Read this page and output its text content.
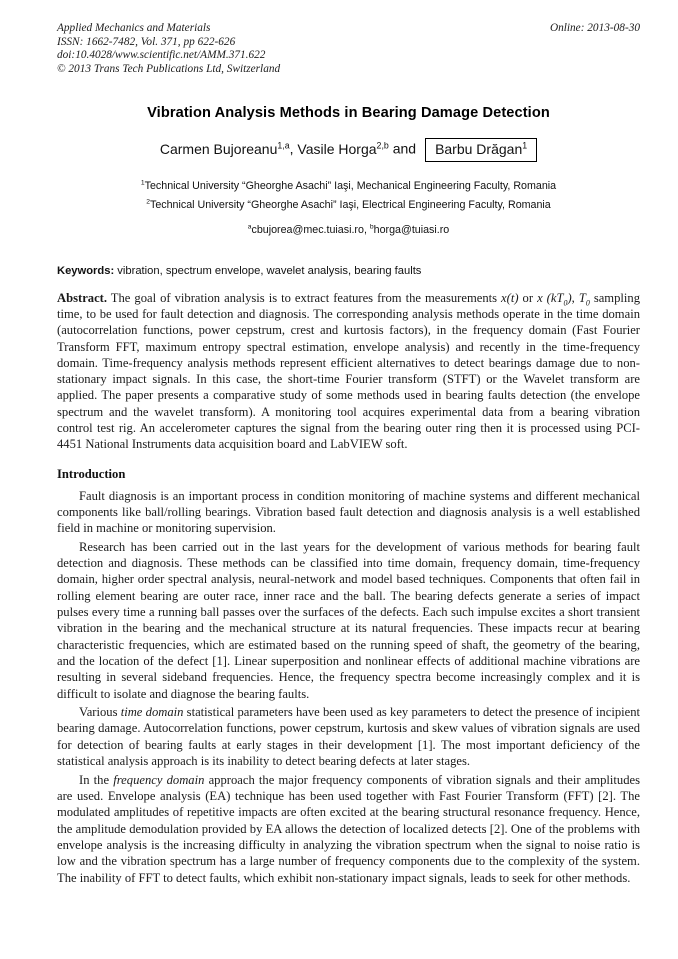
Applied Mechanics and Materials
ISSN: 1662-7482, Vol. 371, pp 622-626
doi:10.4028/www.scientific.net/AMM.371.622
© 2013 Trans Tech Publications Ltd, Switzerland
Online: 2013-08-30
Vibration Analysis Methods in Bearing Damage Detection
Carmen Bujoreanu$^{1,a}$, Vasile Horga$^{2,b}$ and Barbu Drăgan$^1$
$^1$Technical University “Gheorghe Asachi” Iaşi, Mechanical Engineering Faculty, Romania
$^2$Technical University “Gheorghe Asachi” Iaşi, Electrical Engineering Faculty, Romania
$^a$cbujorea@mec.tuiasi.ro, $^b$horga@tuiasi.ro
Keywords: vibration, spectrum envelope, wavelet analysis, bearing faults
Abstract. The goal of vibration analysis is to extract features from the measurements x(t) or x $(kT_0)$, $T_0$ sampling time, to be used for fault detection and diagnosis. The corresponding analysis methods operate in the time domain (autocorrelation functions, power cepstrum, crest and kurtosis factors), in the frequency domain (Fast Fourier Transform FFT, maximum entropy spectral estimation, envelope analysis) and recently in the time-frequency domain. Time-frequency analysis methods represent efficient alternatives to detect bearings damage due to non-stationary impact signals. In this case, the short-time Fourier transform (STFT) or the Wavelet transform are applied. The paper presents a comparative study of some methods used in bearing faults detection (the envelope spectrum and the wavelet transform). A monitoring tool acquires experimental data from a bearing vibration control test rig. An accelerometer captures the signal from the bearing outer ring then it is processed using PCI-4451 National Instruments data acquisition board and LabVIEW soft.
Introduction
Fault diagnosis is an important process in condition monitoring of machine systems and different mechanical components like ball/rolling bearings. Vibration based fault detection and diagnosis analysis is a well established field in machine or monitoring supervision.
Research has been carried out in the last years for the development of various methods for bearing fault detection and diagnosis. These methods can be classified into time domain, frequency domain, time-frequency domain, higher order spectral analysis, neural-network and model based techniques. Components that often fail in rolling element bearing are outer race, inner race and the ball. The bearing defects generate a series of impact pulses every time a running ball passes over the surfaces of the defects. Each such impulse excites a short transient vibration in the bearing and the mechanical structure at its natural frequencies. These impacts recur at bearing characteristic frequencies, which are estimated based on the running speed of shaft, the geometry of the bearing, and the location of the defect [1]. Linear superposition and nonlinear effects of additional machine vibrations are resulting in several sideband frequencies. Hence, the frequency spectra become increasingly complex and it is difficult to isolate and diagnose the bearing faults.
Various time domain statistical parameters have been used as key parameters to detect the presence of incipient bearing damage. Autocorrelation functions, power cepstrum, kurtosis and skew values of vibration signals are used for detection of bearing faults at early stages in their development [1]. The most important deficiency of the statistical analysis approach is its inability to detect bearing defects at later stages.
In the frequency domain approach the major frequency components of vibration signals and their amplitudes are used. Envelope analysis (EA) technique has been used together with Fast Fourier Transform (FFT) [2]. The modulated amplitudes of repetitive impacts are often excited at the bearing structural resonance frequency. Hence, the amplitude demodulation provided by EA allows the detection of localized detects [2]. One of the problems with envelope analysis is the increasing difficulty in analyzing the vibration spectrum when the signal to noise ratio is low and the vibration spectrum has a large number of frequency components due to the complexity of the system. The inability of FFT to detect faults, which exhibit non-stationary impact signals, leads to seek for other methods.
